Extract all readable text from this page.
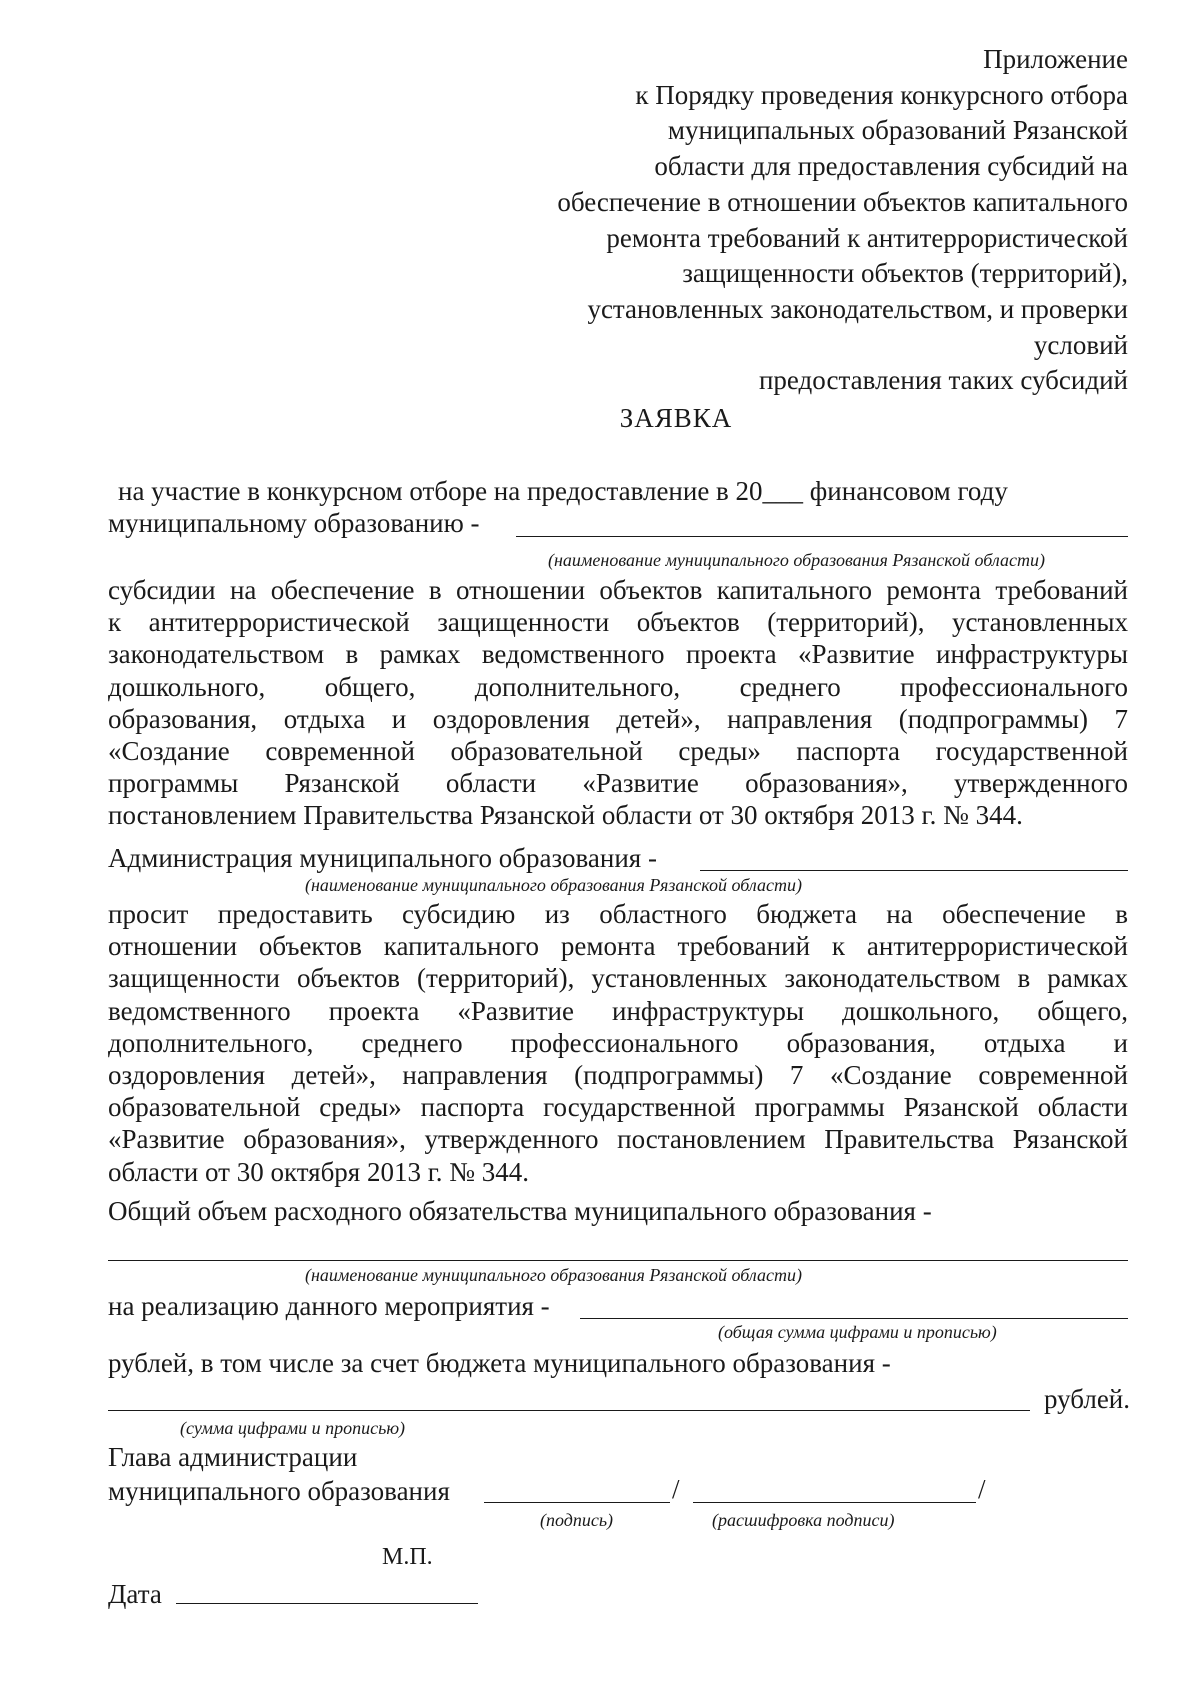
Приложение
к Порядку проведения конкурсного отбора
муниципальных образований Рязанской
области для предоставления субсидий на
обеспечение в отношении объектов капитального
ремонта требований к антитеррористической
защищенности объектов (территорий),
установленных законодательством, и проверки
условий
предоставления таких субсидий
ЗАЯВКА
на участие в конкурсном отборе на предоставление в 20___ финансовом году
муниципальному образованию -
(наименование муниципального образования Рязанской области)
субсидии на обеспечение в отношении объектов капитального ремонта требований
к антитеррористической защищенности объектов (территорий), установленных
законодательством в рамках ведомственного проекта «Развитие инфраструктуры
дошкольного, общего, дополнительного, среднего профессионального
образования, отдыха и оздоровления детей», направления (подпрограммы) 7
«Создание современной образовательной среды» паспорта государственной
программы Рязанской области «Развитие образования», утвержденного
постановлением Правительства Рязанской области от 30 октября 2013 г. № 344.
Администрация муниципального образования -
(наименование муниципального образования Рязанской области)
просит предоставить субсидию из областного бюджета на обеспечение в
отношении объектов капитального ремонта требований к антитеррористической
защищенности объектов (территорий), установленных законодательством в рамках
ведомственного проекта «Развитие инфраструктуры дошкольного, общего,
дополнительного, среднего профессионального образования, отдыха и
оздоровления детей», направления (подпрограммы) 7 «Создание современной
образовательной среды» паспорта государственной программы Рязанской области
«Развитие образования», утвержденного постановлением Правительства Рязанской
области от 30 октября 2013 г. № 344.
Общий объем расходного обязательства муниципального образования -
(наименование муниципального образования Рязанской области)
на реализацию данного мероприятия -
(общая сумма цифрами и прописью)
рублей, в том числе за счет бюджета муниципального образования -
рублей.
(сумма цифрами и прописью)
Глава администрации
муниципального образования	/	/
(подпись)	(расшифровка подписи)
М.П.
Дата
